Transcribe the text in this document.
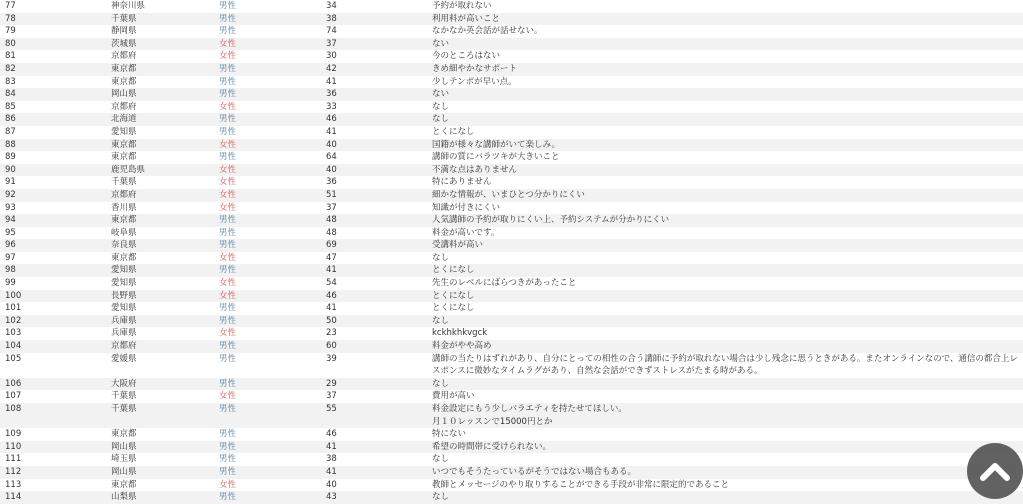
77	神奈川県	男性	34	予約が取れない
78	千葉県	男性	38	利用料が高いこと
79	静岡県	男性	74	なかなか英会話が話せない。
80	茨城県	女性	37	ない
81	京都府	女性	30	今のところはない
82	東京都	男性	42	きめ細やかなサポート
83	東京都	男性	41	少しテンポが早い点。
84	岡山県	男性	36	ない
85	京都府	女性	33	なし
86	北海道	男性	46	なし
87	愛知県	男性	41	とくになし
88	東京都	女性	40	国籍が様々な講師がいて楽しみ。
89	東京都	男性	64	講師の質にバラツキが大きいこと
90	鹿児島県	女性	40	不満な点はありません
91	千葉県	女性	36	特にありません
92	京都府	女性	51	細かな情報が、いまひとつ分かりにくい
93	香川県	女性	37	知識が付きにくい
94	東京都	男性	48	人気講師の予約が取りにくい上、予約システムが分かりにくい
95	岐阜県	男性	48	料金が高いです。
96	奈良県	男性	69	受講料が高い
97	東京都	女性	47	なし
98	愛知県	男性	41	とくになし
99	愛知県	女性	54	先生のレベルにばらつきがあったこと
100	長野県	女性	46	とくになし
101	愛知県	男性	41	とくになし
102	兵庫県	男性	50	なし
103	兵庫県	女性	23	kckhkhkvgck
104	京都府	男性	60	料金がやや高め
105	愛媛県	男性	39	講師の当たりはずれがあり、自分にとっての相性の合う講師に予約が取れない場合は少し残念に思うときがある。またオンラインなので、通信の都合上レスポンスに微妙なタイムラグがあり、自然な会話ができずストレスがたまる時がある。
106	大阪府	男性	29	なし
107	千葉県	女性	37	費用が高い
108	千葉県	男性	55	料金設定にもう少しバラエティを持たせてほしい。
月１０レッスンで15000円とか
109	東京都	男性	46	特にない
110	岡山県	男性	41	希望の時間帯に受けられない。
111	埼玉県	男性	38	なし
112	岡山県	男性	41	いつでもそうたっているがそうではない場合もある。
113	東京都	女性	40	教師とメッセージのやり取りすることができる手段が非常に限定的であること
114	山梨県	男性	43	なし
